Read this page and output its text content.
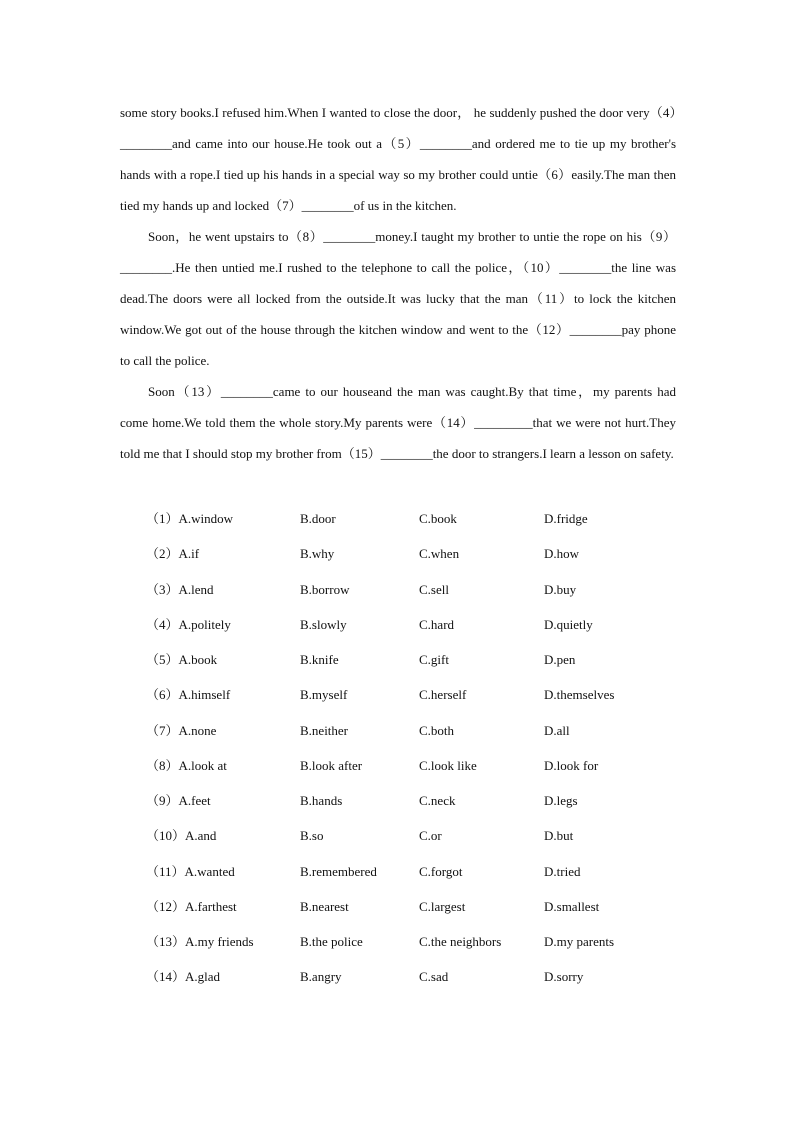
some story books.I refused him.When I wanted to close the door， he suddenly pushed the door very（4）________and came into our house.He took out a（5）________and ordered me to tie up my brother's hands with a rope.I tied up his hands in a special way so my brother could untie（6）easily.The man then tied my hands up and locked（7）________of us in the kitchen.

Soon，he went upstairs to（8）________money.I taught my brother to untie the rope on his（9）________.He then untied me.I rushed to the telephone to call the police，（10）________the line was dead.The doors were all locked from the outside.It was lucky that the man（11）to lock the kitchen window.We got out of the house through the kitchen window and went to the（12）________pay phone to call the police.

Soon（13）________came to our houseand the man was caught.By that time，my parents had come home.We told them the whole story.My parents were（14）_________that we were not hurt.They told me that I should stop my brother from（15）________the door to strangers.I learn a lesson on safety.

（1）A.window	B.door	C.book	D.fridge
（2）A.if	B.why	C.when	D.how
（3）A.lend	B.borrow	C.sell	D.buy
（4）A.politely	B.slowly	C.hard	D.quietly
（5）A.book	B.knife	C.gift	D.pen
（6）A.himself	B.myself	C.herself	D.themselves
（7）A.none	B.neither	C.both	D.all
（8）A.look at	B.look after	C.look like	D.look for
（9）A.feet	B.hands	C.neck	D.legs
（10）A.and	B.so	C.or	D.but
（11）A.wanted	B.remembered	C.forgot	D.tried
（12）A.farthest	B.nearest	C.largest	D.smallest
（13）A.my friends	B.the police	C.the neighbors	D.my parents
（14）A.glad	B.angry	C.sad	D.sorry
